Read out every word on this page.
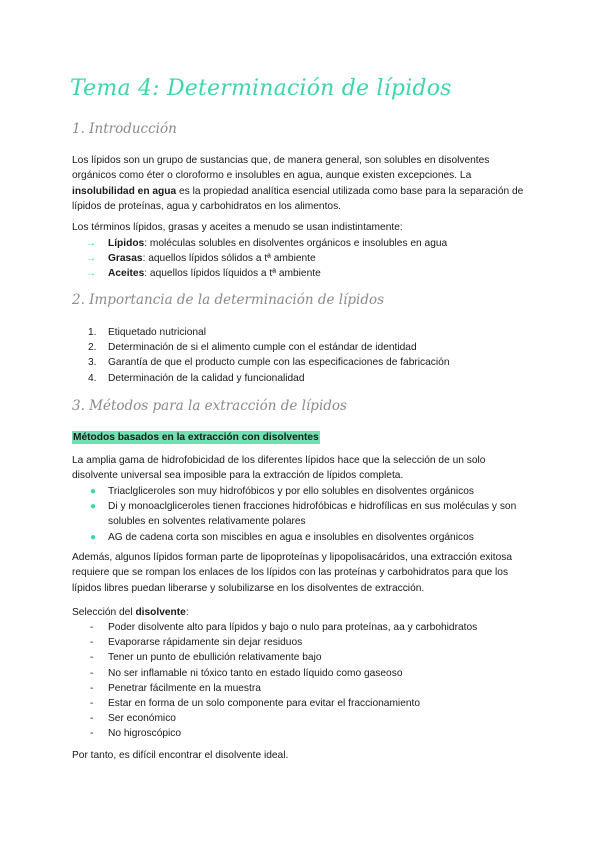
Tema 4: Determinación de lípidos
1. Introducción

Los lípidos son un grupo de sustancias que, de manera general, son solubles en disolventes orgánicos como éter o cloroformo e insolubles en agua, aunque existen excepciones. La insolubilidad en agua es la propiedad analítica esencial utilizada como base para la separación de lípidos de proteínas, agua y carbohidratos en los alimentos.

Los términos lípidos, grasas y aceites a menudo se usan indistintamente:

→ Lípidos: moléculas solubles en disolventes orgánicos e insolubles en agua
→ Grasas: aquellos lípidos sólidos a tª ambiente
→ Aceites: aquellos lípidos líquidos a tª ambiente
2. Importancia de la determinación de lípidos
1. Etiquetado nutricional
2. Determinación de si el alimento cumple con el estándar de identidad
3. Garantía de que el producto cumple con las especificaciones de fabricación
4. Determinación de la calidad y funcionalidad
3. Métodos para la extracción de lípidos

Métodos basados en la extracción con disolventes

La amplia gama de hidrofobicidad de los diferentes lípidos hace que la selección de un solo disolvente universal sea imposible para la extracción de lípidos completa.

● Triaclgliceroles son muy hidrofóbicos y por ello solubles en disolventes orgánicos
● Di y monoaclgliceroles tienen fracciones hidrofóbicas e hidrofílicas en sus moléculas y son solubles en solventes relativamente polares
● AG de cadena corta son miscibles en agua e insolubles en disolventes orgánicos

Además, algunos lípidos forman parte de lipoproteínas y lipopolisacáridos, una extracción exitosa requiere que se rompan los enlaces de los lípidos con las proteínas y carbohidratos para que los lípidos libres puedan liberarse y solubilizarse en los disolventes de extracción.

Selección del disolvente:

- Poder disolvente alto para lípidos y bajo o nulo para proteínas, aa y carbohidratos
- Evaporarse rápidamente sin dejar residuos
- Tener un punto de ebullición relativamente bajo
- No ser inflamable ni tóxico tanto en estado líquido como gaseoso
- Penetrar fácilmente en la muestra
- Estar en forma de un solo componente para evitar el fraccionamiento
- Ser económico
- No higroscópico

Por tanto, es difícil encontrar el disolvente ideal.
